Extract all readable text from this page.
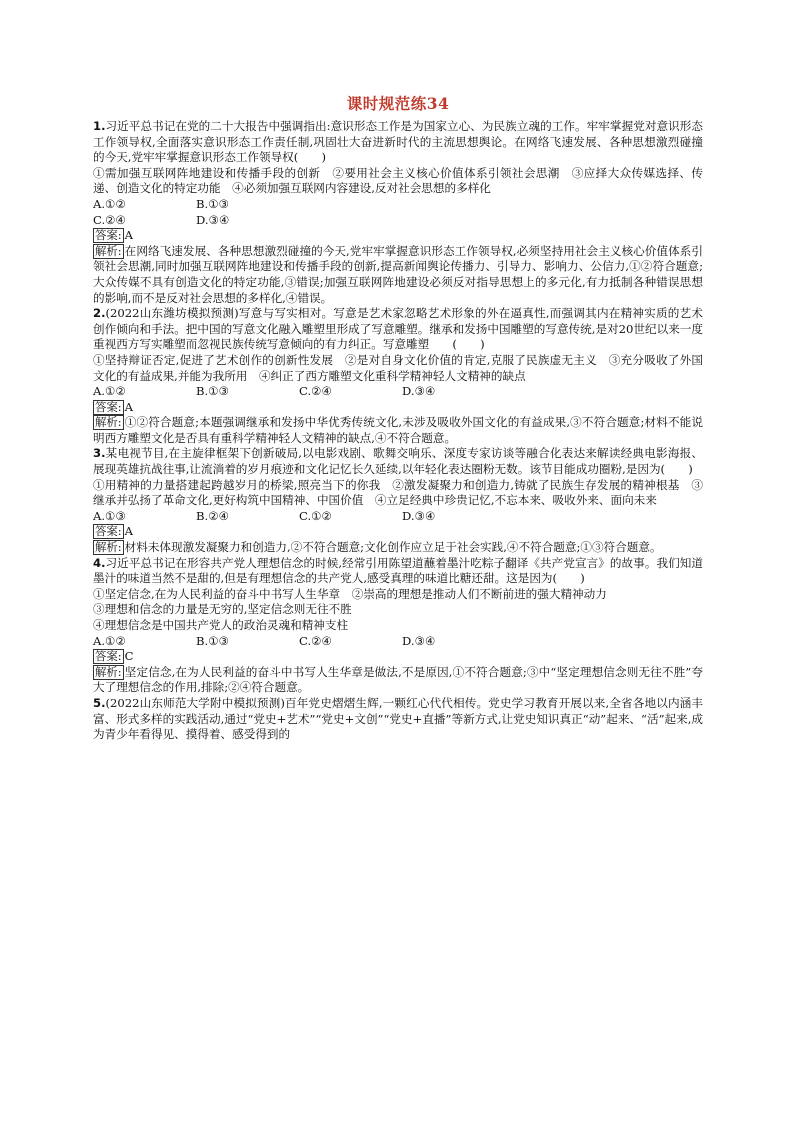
课时规范练34

1.习近平总书记在党的二十大报告中强调指出:意识形态工作是为国家立心、为民族立魂的工作。牢牢掌握党对意识形态工作领导权,全面落实意识形态工作责任制,巩固壮大奋进新时代的主流思想舆论。在网络飞速发展、各种思想激烈碰撞的今天,党牢牢掌握意识形态工作领导权(　　)

①需加强互联网阵地建设和传播手段的创新　②要用社会主义核心价值体系引领社会思潮　③应择大众传媒选择、传递、创造文化的特定功能　④必须加强互联网内容建设,反对社会思想的多样化

A.①②	B.①③
C.②④	D.③④

答案: A

解析: 在网络飞速发展、各种思想激烈碰撞的今天,党牢牢掌握意识形态工作领导权,必须坚持用社会主义核心价值体系引领社会思潮,同时加强互联网阵地建设和传播手段的创新,提高新闻舆论传播力、引导力、影响力、公信力,①②符合题意;大众传媒不具有创造文化的特定功能,③错误;加强互联网阵地建设必须反对指导思想上的多元化,有力抵制各种错误思想的影响,而不是反对社会思想的多样化,④错误。

2.(2022山东潍坊模拟预测)写意与写实相对。写意是艺术家忽略艺术形象的外在逼真性,而强调其内在精神实质的艺术创作倾向和手法。把中国的写意文化融入雕塑里形成了写意雕塑。继承和发扬中国雕塑的写意传统,是对20世纪以来一度重视西方写实雕塑而忽视民族传统写意倾向的有力纠正。写意雕塑　　(　　)

①坚持辩证否定,促进了艺术创作的创新性发展　②是对自身文化价值的肯定,克服了民族虚无主义　③充分吸收了外国文化的有益成果,并能为我所用　④纠正了西方雕塑文化重科学精神轻人文精神的缺点

A.①②	B.①③	C.②④	D.③④

答案: A

解析: ①②符合题意;本题强调继承和发扬中华优秀传统文化,未涉及吸收外国文化的有益成果,③不符合题意;材料不能说明西方雕塑文化是否具有重科学精神轻人文精神的缺点,④不符合题意。

3.某电视节目,在主旋律框架下创新破局,以电影戏剧、歌舞交响乐、深度专家访谈等融合化表达来解读经典电影海报、展现英雄抗战往事,让流淌着的岁月痕迹和文化记忆长久延续,以年轻化表达圈粉无数。该节目能成功圈粉,是因为(　　)

①用精神的力量搭建起跨越岁月的桥梁,照亮当下的你我　②激发凝聚力和创造力,铸就了民族生存发展的精神根基　③继承并弘扬了革命文化,更好构筑中国精神、中国价值　④立足经典中珍贵记忆,不忘本来、吸收外来、面向未来

A.①③	B.②④	C.①②	D.③④

答案: A

解析: 材料未体现激发凝聚力和创造力,②不符合题意;文化创作应立足于社会实践,④不符合题意;①③符合题意。

4.习近平总书记在形容共产党人理想信念的时候,经常引用陈望道蘸着墨汁吃粽子翻译《共产党宣言》的故事。我们知道墨汁的味道当然不是甜的,但是有理想信念的共产党人,感受真理的味道比糖还甜。这是因为(　　)

①坚定信念,在为人民利益的奋斗中书写人生华章　②崇高的理想是推动人们不断前进的强大精神动力

③理想和信念的力量是无穷的,坚定信念则无往不胜

④理想信念是中国共产党人的政治灵魂和精神支柱

A.①②	B.①③	C.②④	D.③④

答案: C

解析: 坚定信念,在为人民利益的奋斗中书写人生华章是做法,不是原因,①不符合题意;③中“坚定理想信念则无往不胜”夸大了理想信念的作用,排除;②④符合题意。

5.(2022山东师范大学附中模拟预测)百年党史熠熠生辉,一颗红心代代相传。党史学习教育开展以来,全省各地以内涵丰富、形式多样的实践活动,通过“党史+艺术”“党史+文创”“党史+直播”等新方式,让党史知识真正“动”起来、“活”起来,成为青少年看得见、摸得着、感受得到的
